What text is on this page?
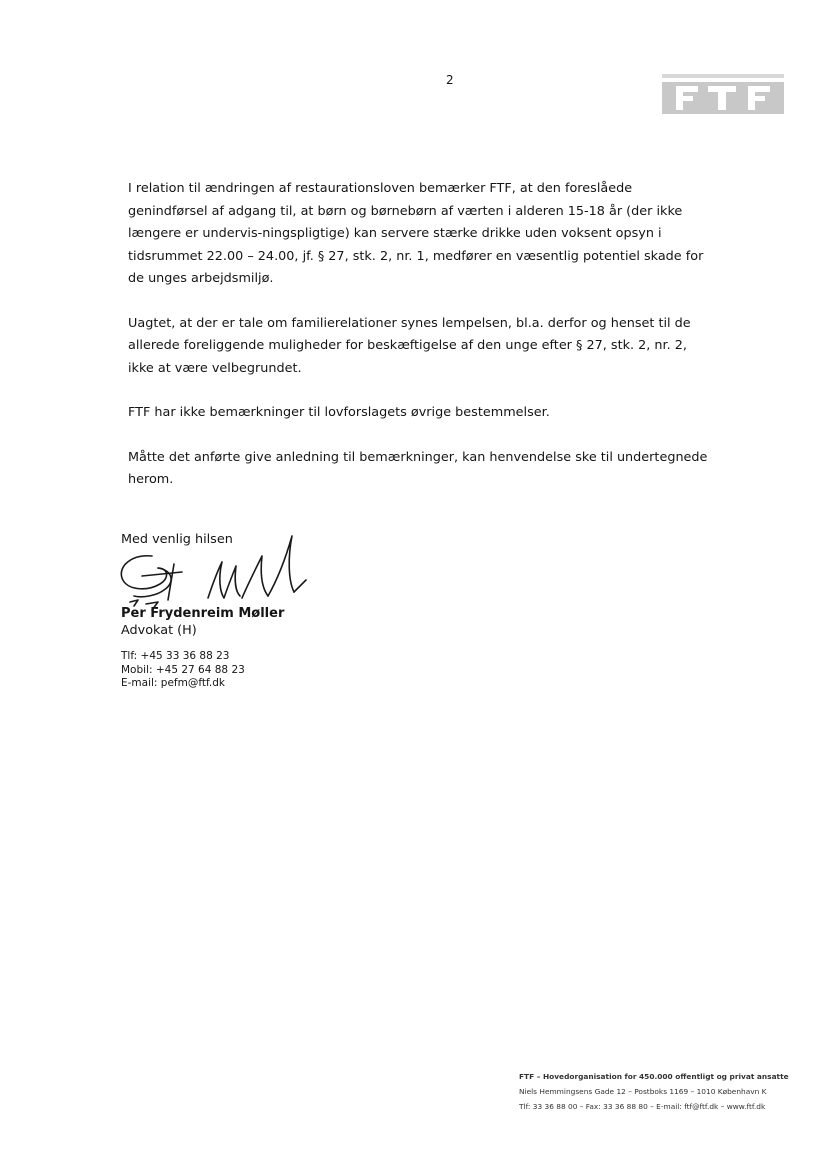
2

I relation til ændringen af restaurationsloven bemærker FTF, at den foreslåede genindførsel af adgang til, at børn og børnebørn af værten i alderen 15-18 år (der ikke længere er undervis-ningspligtige) kan servere stærke drikke uden voksent opsyn i tidsrummet 22.00 – 24.00, jf. § 27, stk. 2, nr. 1, medfører en væsentlig potentiel skade for de unges arbejdsmiljø.

Uagtet, at der er tale om familierelationer synes lempelsen, bl.a. derfor og henset til de allerede foreliggende muligheder for beskæftigelse af den unge efter § 27, stk. 2, nr. 2, ikke at være velbegrundet.

FTF har ikke bemærkninger til lovforslagets øvrige bestemmelser.

Måtte det anførte give anledning til bemærkninger, kan henvendelse ske til undertegnede herom.

Med venlig hilsen
Per Frydenreim Møller
Advokat (H)
Tlf: +45 33 36 88 23
Mobil: +45 27 64 88 23
E-mail: pefm@ftf.dk
FTF – Hovedorganisation for 450.000 offentligt og privat ansatte
Niels Hemmingsens Gade 12 – Postboks 1169 – 1010 København K
Tlf: 33 36 88 00 – Fax: 33 36 88 80 – E-mail: ftf@ftf.dk – www.ftf.dk
